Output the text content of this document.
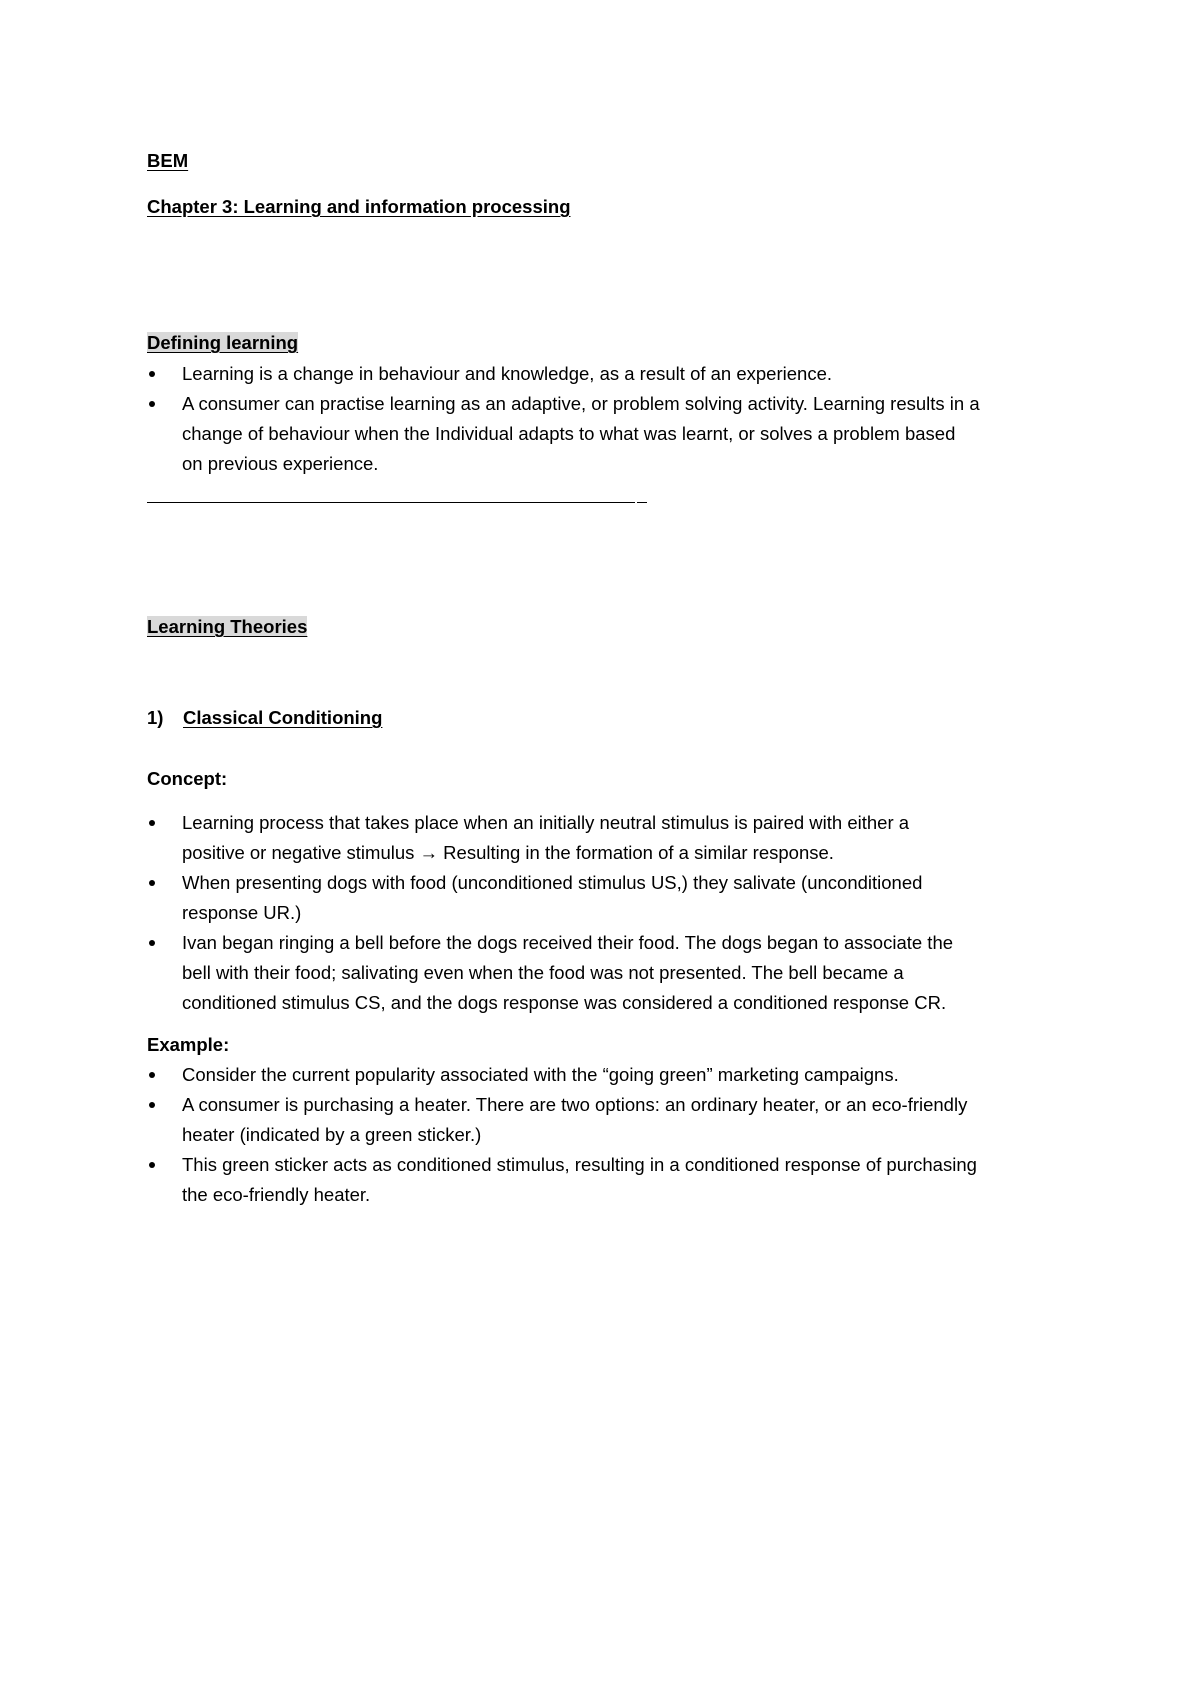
BEM
Chapter 3: Learning and information processing
Defining learning
Learning is a change in behaviour and knowledge, as a result of an experience.
A consumer can practise learning as an adaptive, or problem solving activity. Learning results in a
change of behaviour when the Individual adapts to what was learnt, or solves a problem based
on previous experience.
Learning Theories
1) Classical Conditioning
Concept:
Learning process that takes place when an initially neutral stimulus is paired with either a
positive or negative stimulus → Resulting in the formation of a similar response.
When presenting dogs with food (unconditioned stimulus US,) they salivate (unconditioned
response UR.)
Ivan began ringing a bell before the dogs received their food. The dogs began to associate the
bell with their food; salivating even when the food was not presented. The bell became a
conditioned stimulus CS, and the dogs response was considered a conditioned response CR.
Example:
Consider the current popularity associated with the “going green” marketing campaigns.
A consumer is purchasing a heater. There are two options: an ordinary heater, or an eco-friendly
heater (indicated by a green sticker.)
This green sticker acts as conditioned stimulus, resulting in a conditioned response of purchasing
the eco-friendly heater.
